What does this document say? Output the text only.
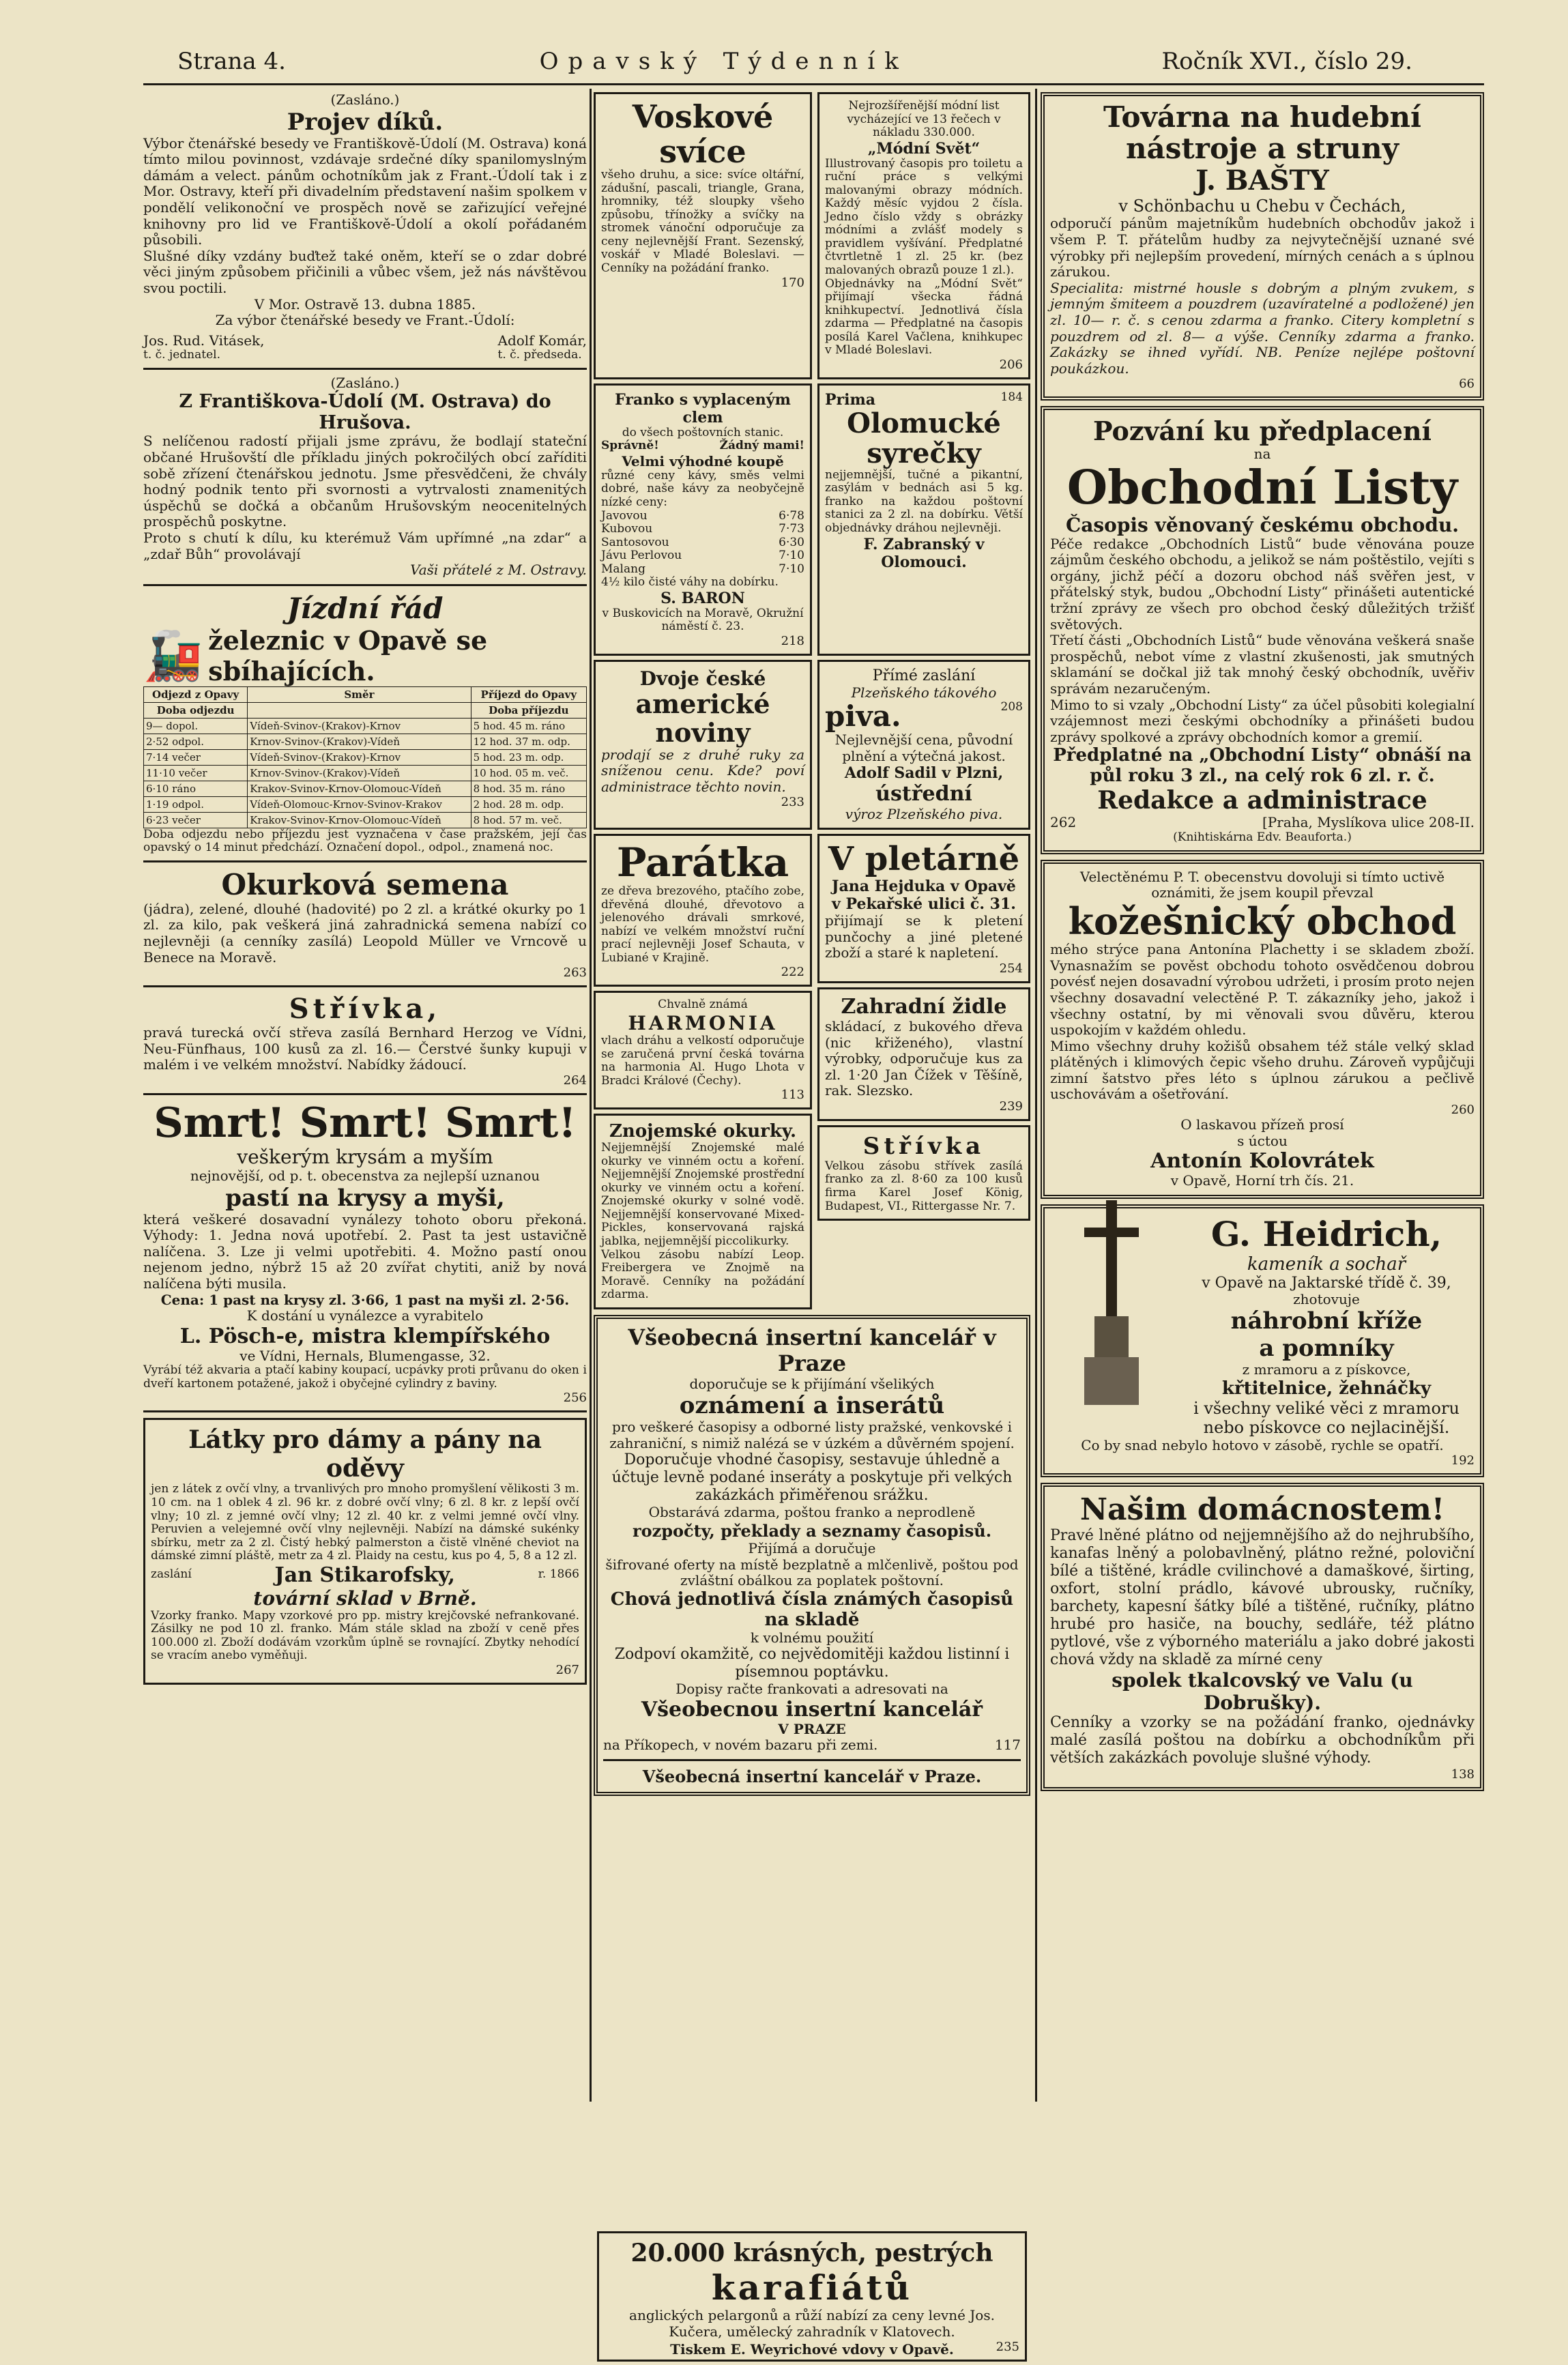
Strana 4.	Opavský Týdenník	Ročník XVI., číslo 29.
(Zasláno.)
Projev díků.
Výbor čtenářské besedy ve Františkově-Údolí (M. Ostrava) koná tímto milou povinnost, vzdávaje srdečné díky spanilomyslným dámám a velect. pánům ochotníkům jak z Frant.-Údolí tak i z Mor. Ostravy, kteří při divadelním představení našim spolkem v pondělí velikonoční ve prospěch nově se zařizující veřejné knihovny pro lid ve Františkově-Údolí a okolí pořádaném působili.
Slušné díky vzdány buďtež také oněm, kteří se o zdar dobré věci jiným způsobem přičinili a vůbec všem, jež nás návštěvou svou poctili.
V Mor. Ostravě 13. dubna 1885.
Za výbor čtenářské besedy ve Frant.-Údolí:
Jos. Rud. Vitásek,
t. č. jednatel.
Adolf Komár,
t. č. předseda.
(Zasláno.)
Z Františkova-Údolí (M. Ostrava) do Hrušova.
S nelíčenou radostí přijali jsme zprávu, že bodlají stateční občané Hrušovští dle příkladu jiných pokročilých obcí zaříditi sobě zřízení čtenářskou jednotu. Jsme přesvědčeni, že chvály hodný podnik tento při svornosti a vytrvalosti znamenitých úspěchů se dočká a občanům Hrušovským neocenitelných prospěchů poskytne.
Proto s chutí k dílu, ku kterémuž Vám upřímné „na zdar“ a „zdař Bůh“ provolávají
Vaši přátelé z M. Ostravy.
Jízdní řád
🚂 železnic v Opavě se sbíhajících.
Odjezd z Opavy	Směr	Příjezd do Opavy
Doba odjezdu		Doba příjezdu
9— dopol.	Vídeň-Svinov-(Krakov)-Krnov	5 hod. 45 m. ráno
2·52 odpol.	Krnov-Svinov-(Krakov)-Vídeň	12 hod. 37 m. odp.
7·14 večer	Vídeň-Svinov-(Krakov)-Krnov	5 hod. 23 m. odp.
11·10 večer	Krnov-Svinov-(Krakov)-Vídeň	10 hod. 05 m. več.
6·10 ráno	Krakov-Svinov-Krnov-Olomouc-Vídeň	8 hod. 35 m. ráno
1·19 odpol.	Vídeň-Olomouc-Krnov-Svinov-Krakov	2 hod. 28 m. odp.
6·23 večer	Krakov-Svinov-Krnov-Olomouc-Vídeň	8 hod. 57 m. več.
Doba odjezdu nebo příjezdu jest vyznačena v čase pražském, její čas opavský o 14 minut předchází. Označení dopol., odpol., znamená noc.
Okurková semena
(jádra), zelené, dlouhé (hadovité) po 2 zl. a krátké okurky po 1 zl. za kilo, pak veškerá jiná zahradnická semena nabízí co nejlevněji (a cenníky zasílá) Leopold Müller ve Vrncově u Benece na Moravě.
263
Střívka,
pravá turecká ovčí střeva zasílá Bernhard Herzog ve Vídni, Neu-Fünfhaus, 100 kusů za zl. 16.— Čerstvé šunky kupuji v malém i ve velkém množství. Nabídky žádoucí.
264
Smrt! Smrt! Smrt!
veškerým krysám a myším
nejnovější, od p. t. obecenstva za nejlepší uznanou
pastí na krysy a myši,
která veškeré dosavadní vynálezy tohoto oboru překoná. Výhody: 1. Jedna nová upotřebí. 2. Past ta jest ustavičně nalíčena. 3. Lze ji velmi upotřebiti. 4. Možno pastí onou nejenom jedno, nýbrž 15 až 20 zvířat chytiti, aniž by nová nalíčena býti musila.
Cena: 1 past na krysy zl. 3·66, 1 past na myši zl. 2·56.
K dostání u vynálezce a vyrabitelo
L. Pösch-e, mistra klempířského
ve Vídni, Hernals, Blumengasse, 32.
Vyrábí též akvaria a ptačí kabiny koupací, ucpávky proti průvanu do oken i dveří kartonem potažené, jakož i obyčejné cylindry z baviny.
256
Látky pro dámy a pány na oděvy
jen z látek z ovčí vlny, a trvanlivých pro mnoho promyšlení vělikosti 3 m. 10 cm. na 1 oblek 4 zl. 96 kr. z dobré ovčí vlny; 6 zl. 8 kr. z lepší ovčí vlny; 10 zl. z jemné ovčí vlny; 12 zl. 40 kr. z velmi jemné ovčí vlny. Peruvien a velejemné ovčí vlny nejlevněji. Nabízí na dámské sukénky sbírku, metr za 2 zl. Čistý hebký palmerston a čistě vlněné cheviot na dámské zimní pláště, metr za 4 zl. Plaidy na cestu, kus po 4, 5, 8 a 12 zl.
zaslání	Jan Stikarofsky,	r. 1866
tovární sklad v Brně.
Vzorky franko. Mapy vzorkové pro pp. mistry krejčovské nefrankované. Zásilky ne pod 10 zl. franko. Mám stále sklad na zboží v ceně přes 100.000 zl. Zboží dodávám vzorkům úplně se rovnající. Zbytky nehodící se vracím anebo vyměňuji.
267
Voskové svíce
všeho druhu, a sice: svíce oltářní, zádušní, pascali, triangle, Grana, hromniky, též sloupky všeho způsobu, třínožky a svíčky na stromek vánoční odporučuje za ceny nejlevnější Frant. Sezenský, voskář v Mladé Boleslavi. — Cenníky na požádání franko.
170
Nejrozšířenější módní list vycházející ve 13 řečech v nákladu 330.000.
„Módní Svět“
Illustrovaný časopis pro toiletu a ruční práce s velkými malovanými obrazy módních. Každý měsíc vyjdou 2 čísla. Jedno číslo vždy s obrázky módními a zvlášť modely s pravidlem vyšívání. Předplatné čtvrtletně 1 zl. 25 kr. (bez malovaných obrazů pouze 1 zl.).
Objednávky na „Módní Svět“ přijímají všecka řádná knihkupectví. Jednotlivá čísla zdarma — Předplatné na časopis posílá Karel Vačlena, knihkupec v Mladé Boleslavi.
206
Franko s vyplaceným clem
do všech poštovních stanic.
Správně!	Žádný mami!
Velmi výhodné koupě
různé ceny kávy, směs velmi dobré, naše kávy za neobyčejně nízké ceny:
Javovou	6·78
Kubovou	7·73
Santosovou	6·30
Jávu Perlovou	7·10
Malang	7·10
4½ kilo čisté váhy na dobírku.
S. BARON
v Buskovicích na Moravě, Okružní náměstí č. 23.
218
Prima	184
Olomucké syrečky
nejjemnější, tučné a pikantní, zasýlám v bednách asi 5 kg. franko na každou poštovní stanici za 2 zl. na dobírku. Větší objednávky dráhou nejlevněji.
F. Zabranský v Olomouci.
Dvoje české
americké noviny
prodají se z druhé ruky za sníženou cenu. Kde? poví administrace těchto novin.
233
Přímé zaslání
Plzeňského tákového
piva.	208
Nejlevnější cena, původní plnění a výtečná jakost.
Adolf Sadil v Plzni,
ústřední
výroz Plzeňského piva.
Parátka
ze dřeva brezového, ptačího zobe, dřevěná dlouhé, dřevotovo a jelenového drávali smrkové, nabízí ve velkém množství ruční prací nejlevněji Josef Schauta, v Lubiané v Krajině.
222
Chvalně známá
HARMONIA
vlach dráhu a velkostí odporučuje se zaručená první česká továrna na harmonia Al. Hugo Lhota v Bradci Králové (Čechy).
113
Znojemské okurky.
Nejjemnější Znojemské malé okurky ve vinném octu a koření. Nejjemnější Znojemské prostřední okurky ve vinném octu a koření. Znojemské okurky v solné vodě. Nejjemnější konservované Mixed-Pickles, konservovaná rajská jablka, nejjemnější piccolikurky.
Velkou zásobu nabízí Leop. Freibergera ve Znojmě na Moravě. Cenníky na požádání zdarma.
V pletárně
Jana Hejduka v Opavě v Pekařské ulici č. 31.
přijímají se k pletení punčochy a jiné pletené zboží a staré k napletení.
254
Zahradní židle
skládací, z bukového dřeva (nic křiženého), vlastní výrobky, odporučuje kus za zl. 1·20 Jan Čížek v Těšíně, rak. Slezsko.
239
Střívka
Velkou zásobu střívek zasílá franko za zl. 8·60 za 100 kusů firma Karel Josef König, Budapest, VI., Rittergasse Nr. 7.
Všeobecná insertní kancelář v Praze
doporučuje se k přijímání všelikých
oznámení a inserátů
pro veškeré časopisy a odborné listy pražské, venkovské i zahraniční, s nimiž nalézá se v úzkém a důvěrném spojení.
Doporučuje vhodné časopisy, sestavuje úhledně a účtuje levně podané inseráty a poskytuje při velkých zakázkách přiměřenou srážku.
Obstarává zdarma, poštou franko a neprodleně
rozpočty, překlady a seznamy časopisů.
Přijímá a doručuje
šifrované oferty na místě bezplatně a mlčenlivě, poštou pod zvláštní obálkou za poplatek poštovní.
Chová jednotlivá čísla známých časopisů na skladě
k volnému použití
Zodpoví okamžitě, co nejvědomitěji každou listinní i písemnou poptávku.
Dopisy račte frankovati a adresovati na
Všeobecnou insertní kancelář
V PRAZE
na Příkopech, v novém bazaru při zemi.	117
Všeobecná insertní kancelář v Praze.
Továrna na hudební nástroje a struny
J. BAŠTY
v Schönbachu u Chebu v Čechách,
odporučí pánům majetníkům hudebních obchodův jakož i všem P. T. přátelům hudby za nejvytečnější uznané své výrobky při nejlepším provedení, mírných cenách a s úplnou zárukou.
Specialita: mistrné housle s dobrým a plným zvukem, s jemným šmiteem a pouzdrem (uzavíratelné a podložené) jen zl. 10— r. č. s cenou zdarma a franko. Citery kompletní s pouzdrem od zl. 8— a výše. Cenníky zdarma a franko. Zakázky se ihned vyřídí. NB. Peníze nejlépe poštovní poukázkou.
66
Pozvání ku předplacení
na
Obchodní Listy
Časopis věnovaný českému obchodu.
Péče redakce „Obchodních Listů“ bude věnována pouze zájmům českého obchodu, a jelikož se nám poštěstilo, vejíti s orgány, jichž péčí a dozoru obchod náš svěřen jest, v přátelský styk, budou „Obchodní Listy“ přinášeti autentické tržní zprávy ze všech pro obchod český důležitých tržišť světových.
Třetí části „Obchodních Listů“ bude věnována veškerá snaše prospěchů, nebot víme z vlastní zkušenosti, jak smutných sklamání se dočkal již tak mnohý český obchodník, uvěřiv správám nezaručeným.
Mimo to si vzaly „Obchodní Listy“ za účel působiti kolegialní vzájemnost mezi českými obchodníky a přinášeti budou zprávy spolkové a zprávy obchodních komor a gremií.
Předplatné na „Obchodní Listy“ obnáší na půl roku 3 zl., na celý rok 6 zl. r. č.
Redakce a administrace
262	[Praha, Myslíkova ulice 208-II.
(Knihtiskárna Edv. Beauforta.)
Velectěnému P. T. obecenstvu dovoluji si tímto uctivě oznámiti, že jsem koupil převzal
kožešnický obchod
mého strýce pana Antonína Plachetty i se skladem zboží. Vynasnažím se pověst obchodu tohoto osvědčenou dobrou povésť nejen dosavadní výrobou udržeti, i prosím proto nejen všechny dosavadní velectěné P. T. zákazníky jeho, jakož i všechny ostatní, by mi věnovali svou důvěru, kterou uspokojím v každém ohledu.
Mimo všechny druhy kožišů obsahem též stále velký sklad plátěných i klimových čepic všeho druhu. Zároveň vypůjčuji zimní šatstvo přes léto s úplnou zárukou a pečlivě uschovávám a ošetřování.
260
O laskavou přízeň prosí
s úctou
Antonín Kolovrátek
v Opavě, Horní trh čís. 21.
G. Heidrich,
kameník a sochař
v Opavě na Jaktarské třídě č. 39,
zhotovuje
náhrobní kříže
a pomníky
z mramoru a z pískovce,
křtitelnice, žehnáčky
i všechny veliké věci z mramoru nebo pískovce co nejlacinější.
Co by snad nebylo hotovo v zásobě, rychle se opatří.
192
Našim domácnostem!
Pravé lněné plátno od nejjemnějšího až do nejhrubšího, kanafas lněný a polobavlněný, plátno režné, poloviční bílé a tištěné, krádle cvilinchové a damaškové, širting, oxfort, stolní prádlo, kávové ubrousky, ručníky, barchety, kapesní šátky bílé a tištěné, ručníky, plátno hrubé pro hasiče, na bouchy, sedláře, též plátno pytlové, vše z výborného materiálu a jako dobré jakosti chová vždy na skladě za mírné ceny
spolek tkalcovský ve Valu (u Dobrušky).
Cenníky a vzorky se na požádání franko, ojednávky malé zasílá poštou na dobírku a obchodníkům při větších zakázkách povoluje slušné výhody.
138
20.000 krásných, pestrých
karafiátů
anglických pelargonů a růží nabízí za ceny levné Jos. Kučera, umělecký zahradník v Klatovech.
235
Tiskem E. Weyrichové vdovy v Opavě.
